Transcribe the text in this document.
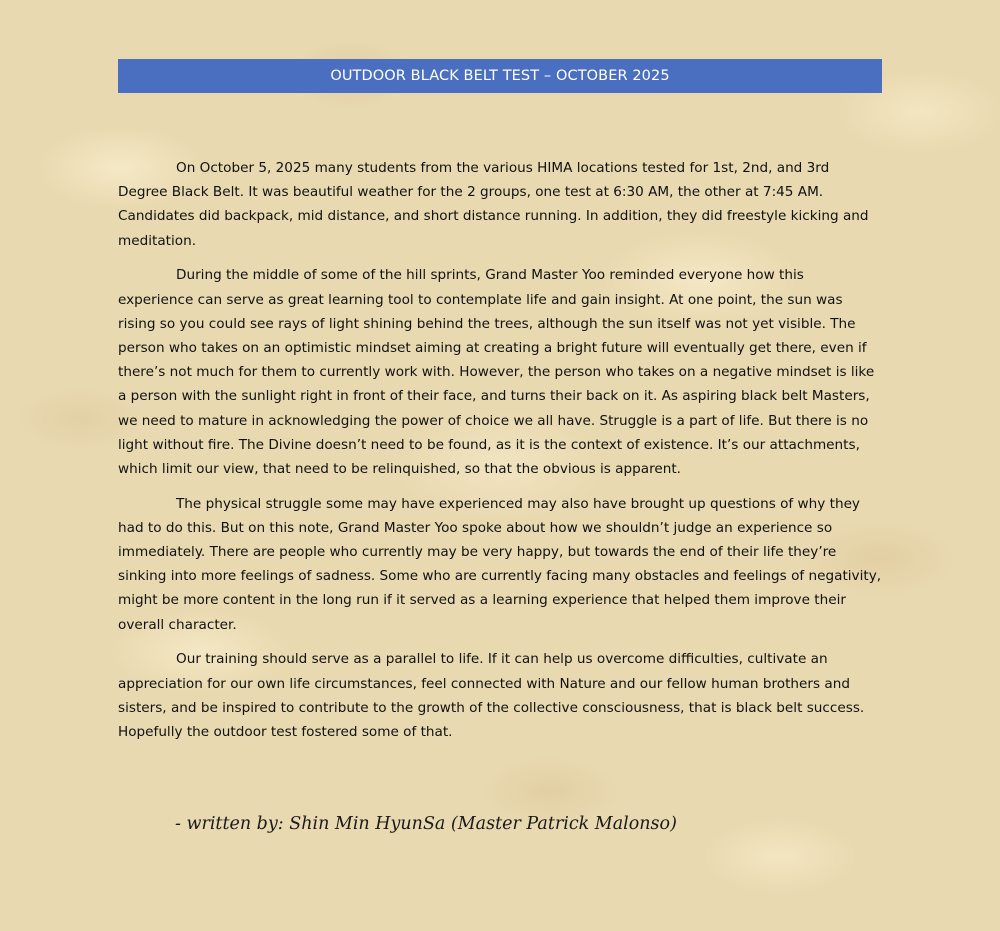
OUTDOOR BLACK BELT TEST – OCTOBER 2025

On October 5, 2025 many students from the various HIMA locations tested for 1st, 2nd, and 3rd Degree Black Belt. It was beautiful weather for the 2 groups, one test at 6:30 AM, the other at 7:45 AM. Candidates did backpack, mid distance, and short distance running. In addition, they did freestyle kicking and meditation.

During the middle of some of the hill sprints, Grand Master Yoo reminded everyone how this experience can serve as great learning tool to contemplate life and gain insight. At one point, the sun was rising so you could see rays of light shining behind the trees, although the sun itself was not yet visible. The person who takes on an optimistic mindset aiming at creating a bright future will eventually get there, even if there’s not much for them to currently work with. However, the person who takes on a negative mindset is like a person with the sunlight right in front of their face, and turns their back on it. As aspiring black belt Masters, we need to mature in acknowledging the power of choice we all have. Struggle is a part of life. But there is no light without fire. The Divine doesn’t need to be found, as it is the context of existence. It’s our attachments, which limit our view, that need to be relinquished, so that the obvious is apparent.

The physical struggle some may have experienced may also have brought up questions of why they had to do this. But on this note, Grand Master Yoo spoke about how we shouldn’t judge an experience so immediately. There are people who currently may be very happy, but towards the end of their life they’re sinking into more feelings of sadness. Some who are currently facing many obstacles and feelings of negativity, might be more content in the long run if it served as a learning experience that helped them improve their overall character.

Our training should serve as a parallel to life. If it can help us overcome difficulties, cultivate an appreciation for our own life circumstances, feel connected with Nature and our fellow human brothers and sisters, and be inspired to contribute to the growth of the collective consciousness, that is black belt success. Hopefully the outdoor test fostered some of that.

- written by: Shin Min HyunSa (Master Patrick Malonso)
